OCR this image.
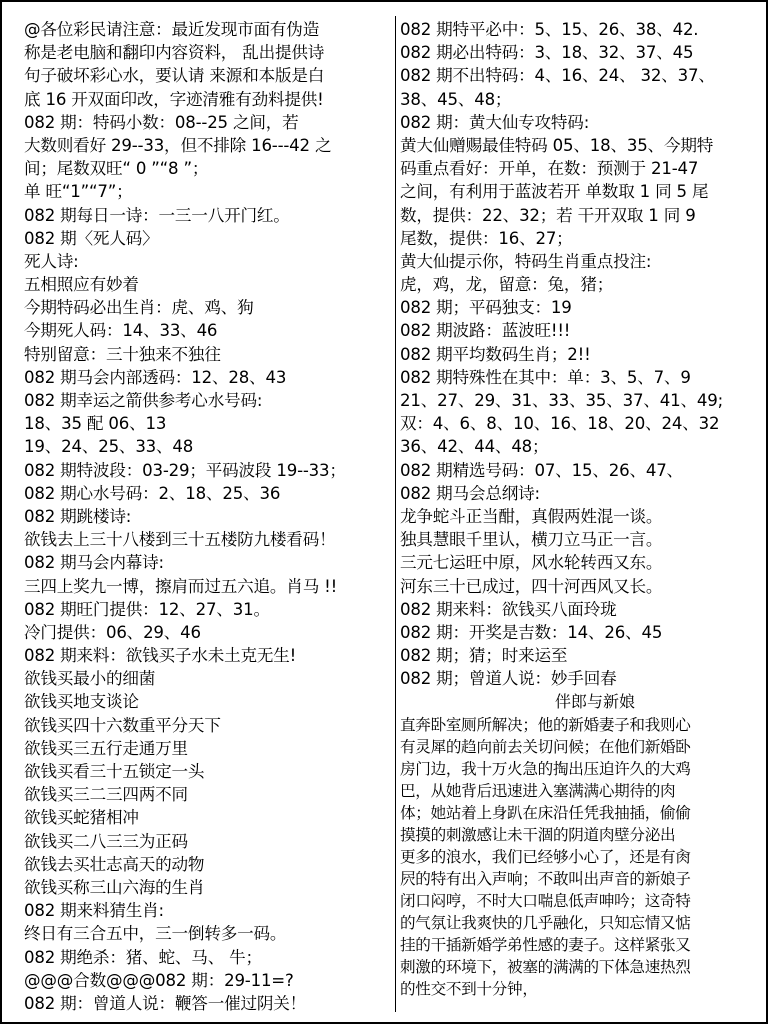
@各位彩民请注意：最近发现市面有伪造
称是老电脑和翻印内容资料， 乱出提供诗
句子破坏彩心水，要认请 来源和本版是白
底 16 开双面印改，字迹清雅有劲料提供!
082 期：特码小数：08--25 之间，若
大数则看好 29--33，但不排除 16---42 之
间；尾数双旺“ 0 ”“8 ”；
单 旺“1”“7”；
082 期每日一诗：一三一八开门红。
082 期〈死人码〉
死人诗:
五相照应有妙着
今期特码必出生肖：虎、鸡、狗
今期死人码：14、33、46
特别留意：三十独来不独往
082 期马会内部透码：12、28、43
082 期幸运之箭供参考心水号码:
18、35 配 06、13
19、24、25、33、48
082 期特波段：03-29；平码波段 19--33；
082 期心水号码：2、18、25、36
082 期跳楼诗:
欲钱去上三十八楼到三十五楼防九楼看码！
082 期马会内幕诗:
三四上奖九一博，擦肩而过五六追。肖马 !!
082 期旺门提供：12、27、31。
冷门提供：06、29、46
082 期来料：欲钱买子水未土克无生!
欲钱买最小的细菌
欲钱买地支谈论
欲钱买四十六数重平分天下
欲钱买三五行走通万里
欲钱买看三十五锁定一头
欲钱买三二三四两不同
欲钱买蛇猪相冲
欲钱买二八三三为正码
欲钱去买壮志高天的动物
欲钱买称三山六海的生肖
082 期来料猜生肖:
终日有三合五中，三一倒转多一码。
082 期绝杀：猪、蛇、马、 牛；
@@@合数@@@082 期：29-11=?
082 期：曾道人说：鞭答一催过阴关！
082 期特平必中：5、15、26、38、42.
082 期必出特码：3、18、32、37、45
082 期不出特码：4、16、24、 32、37、
38、45、48；
082 期：黄大仙专攻特码:
黄大仙赠赐最佳特码 05、18、35、今期特
码重点看好：开单，在数：预测于 21-47
之间，有利用于蓝波若开 单数取 1 同 5 尾
数，提供：22、32；若 干开双取 1 同 9
尾数，提供：16、27；
黄大仙提示你，特码生肖重点投注:
虎，鸡，龙，留意：兔，猪；
082 期；平码独支：19
082 期波路：蓝波旺!!!
082 期平均数码生肖；2!!
082 期特殊性在其中：单：3、5、7、9
21、27、29、31、33、35、37、41、49;
双：4、6、8、10、16、18、20、24、32
36、42、44、48；
082 期精选号码：07、15、26、47、
082 期马会总纲诗:
龙争蛇斗正当酣，真假两姓混一谈。
独具慧眼千里认，横刀立马正一言。
三元七运旺中原，风水轮转西又东。
河东三十已成过，四十河西风又长。
082 期来料：欲钱买八面玲珑
082 期：开奖是吉数：14、26、45
082 期；猜；时来运至
082 期；曾道人说：妙手回春
伴郎与新娘
直奔卧室厕所解决；他的新婚妻子和我则心
有灵犀的趋向前去关切问候；在他们新婚卧
房门边，我十万火急的掏出压迫许久的大鸡
巴，从她背后迅速进入塞满满心期待的肉
体；她站着上身趴在床沿任凭我抽插，偷偷
摸摸的刺激感让未干涸的阴道肉壁分泌出
更多的浪水，我们已经够小心了，还是有肏
屄的特有出入声响；不敢叫出声音的新娘子
闭口闷哼，不时大口喘息低声呻吟；这奇特
的气氛让我爽快的几乎融化，只知忘情又惦
挂的干插新婚学弟性感的妻子。这样紧张又
刺激的环境下，被塞的满满的下体急速热烈
的性交不到十分钟，
